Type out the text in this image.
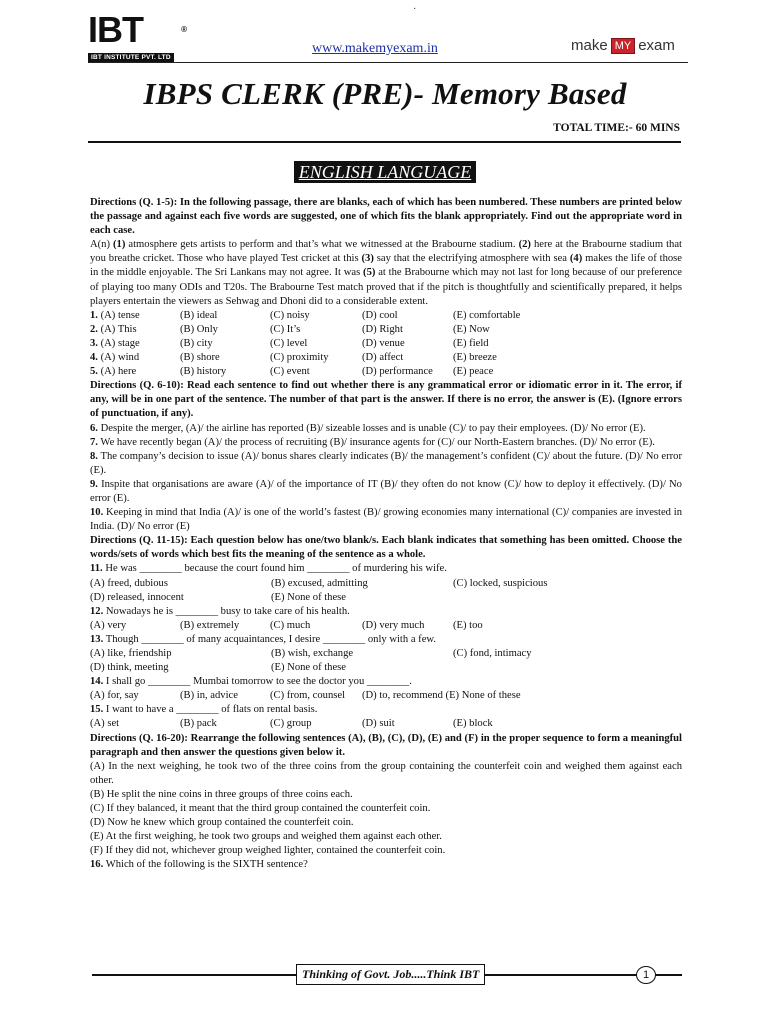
·
IBT	®
IBT INSTITUTE PVT. LTD
www.makemyexam.in	make MY exam
IBPS CLERK (PRE)- Memory Based
TOTAL TIME:- 60 MINS
ENGLISH LANGUAGE

Directions (Q. 1-5): In the following passage, there are blanks, each of which has been numbered. These numbers are printed below the passage and against each five words are suggested, one of which fits the blank appropriately. Find out the appropriate word in each case.

A(n) (1) atmosphere gets artists to perform and that’s what we witnessed at the Brabourne stadium. (2) here at the Brabourne stadium that you breathe cricket. Those who have played Test cricket at this (3) say that the electrifying atmosphere with sea (4) makes the life of those in the middle enjoyable. The Sri Lankans may not agree. It was (5) at the Brabourne which may not last for long because of our preference of playing too many ODIs and T20s. The Brabourne Test match proved that if the pitch is thoughtfully and scientifically prepared, it helps players entertain the viewers as Sehwag and Dhoni did to a considerable extent.

1. (A) tense	(B) ideal	(C) noisy	(D) cool	(E) comfortable
2. (A) This	(B) Only	(C) It’s	(D) Right	(E) Now
3. (A) stage	(B) city	(C) level	(D) venue	(E) field
4. (A) wind	(B) shore	(C) proximity	(D) affect	(E) breeze
5. (A) here	(B) history	(C) event	(D) performance	(E) peace

Directions (Q. 6-10): Read each sentence to find out whether there is any grammatical error or idiomatic error in it. The error, if any, will be in one part of the sentence. The number of that part is the answer. If there is no error, the answer is (E). (Ignore errors of punctuation, if any).

6. Despite the merger, (A)/ the airline has reported (B)/ sizeable losses and is unable (C)/ to pay their employees. (D)/ No error (E).

7. We have recently began (A)/ the process of recruiting (B)/ insurance agents for (C)/ our North-Eastern branches. (D)/ No error (E).

8. The company’s decision to issue (A)/ bonus shares clearly indicates (B)/ the management’s confident (C)/ about the future. (D)/ No error (E).

9. Inspite that organisations are aware (A)/ of the importance of IT (B)/ they often do not know (C)/ how to deploy it effectively. (D)/ No error (E).

10. Keeping in mind that India (A)/ is one of the world’s fastest (B)/ growing economies many international (C)/ companies are invested in India. (D)/ No error (E)

Directions (Q. 11-15): Each question below has one/two blank/s. Each blank indicates that something has been omitted. Choose the words/sets of words which best fits the meaning of the sentence as a whole.

11. He was ________ because the court found him ________ of murdering his wife.

(A) freed, dubious	(B) excused, admitting	(C) locked, suspicious
(D) released, innocent	(E) None of these

12. Nowadays he is ________ busy to take care of his health.

(A) very	(B) extremely	(C) much	(D) very much	(E) too

13. Though ________ of many acquaintances, I desire ________ only with a few.

(A) like, friendship	(B) wish, exchange	(C) fond, intimacy
(D) think, meeting	(E) None of these

14. I shall go ________ Mumbai tomorrow to see the doctor you ________.

(A) for, say	(B) in, advice	(C) from, counsel	(D) to, recommend (E) None of these

15. I want to have a ________ of flats on rental basis.

(A) set	(B) pack	(C) group	(D) suit	(E) block

Directions (Q. 16-20): Rearrange the following sentences (A), (B), (C), (D), (E) and (F) in the proper sequence to form a meaningful paragraph and then answer the questions given below it.

(A) In the next weighing, he took two of the three coins from the group containing the counterfeit coin and weighed them against each other.

(B) He split the nine coins in three groups of three coins each.

(C) If they balanced, it meant that the third group contained the counterfeit coin.

(D) Now he knew which group contained the counterfeit coin.

(E) At the first weighing, he took two groups and weighed them against each other.

(F) If they did not, whichever group weighed lighter, contained the counterfeit coin.

16. Which of the following is the SIXTH sentence?

Thinking of Govt. Job.....Think IBT	1
